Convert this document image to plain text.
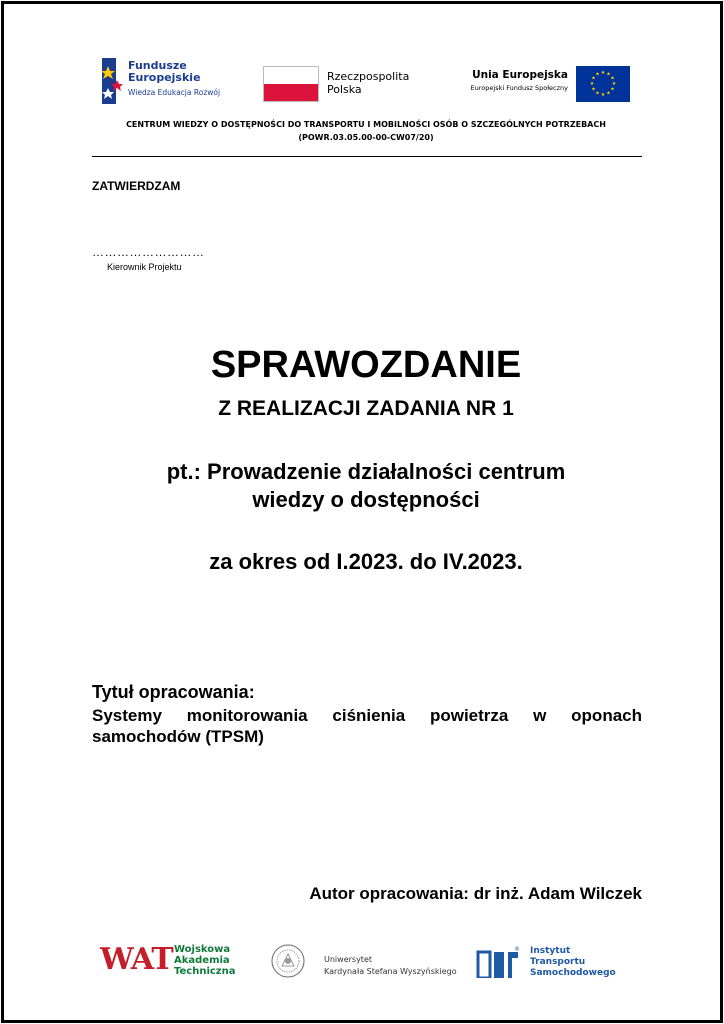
Fundusze
Europejskie
Wiedza Edukacja Rozwój
Rzeczpospolita
Polska
Unia Europejska
Europejski Fundusz Społeczny
★ ★
★
★
★
★
★
★
★
★
★
★
CENTRUM WIEDZY O DOSTĘPNOŚCI DO TRANSPORTU I MOBILNOŚCI OSÓB O SZCZEGÓLNYCH POTRZEBACH
(POWR.03.05.00-00-CW07/20)
ZATWIERDZAM
………………………
Kierownik Projektu
SPRAWOZDANIE
Z REALIZACJI ZADANIA NR 1
pt.: Prowadzenie działalności centrum
wiedzy o dostępności
za okres od I.2023. do IV.2023.
Tytuł opracowania:
Systemy monitorowania ciśnienia powietrza w oponach samochodów (TPSM)
Autor opracowania: dr inż. Adam Wilczek
WAT Wojskowa
Akademia
Techniczna
Uniwersytet
Kardynała Stefana Wyszyńskiego
® Instytut
Transportu
Samochodowego
